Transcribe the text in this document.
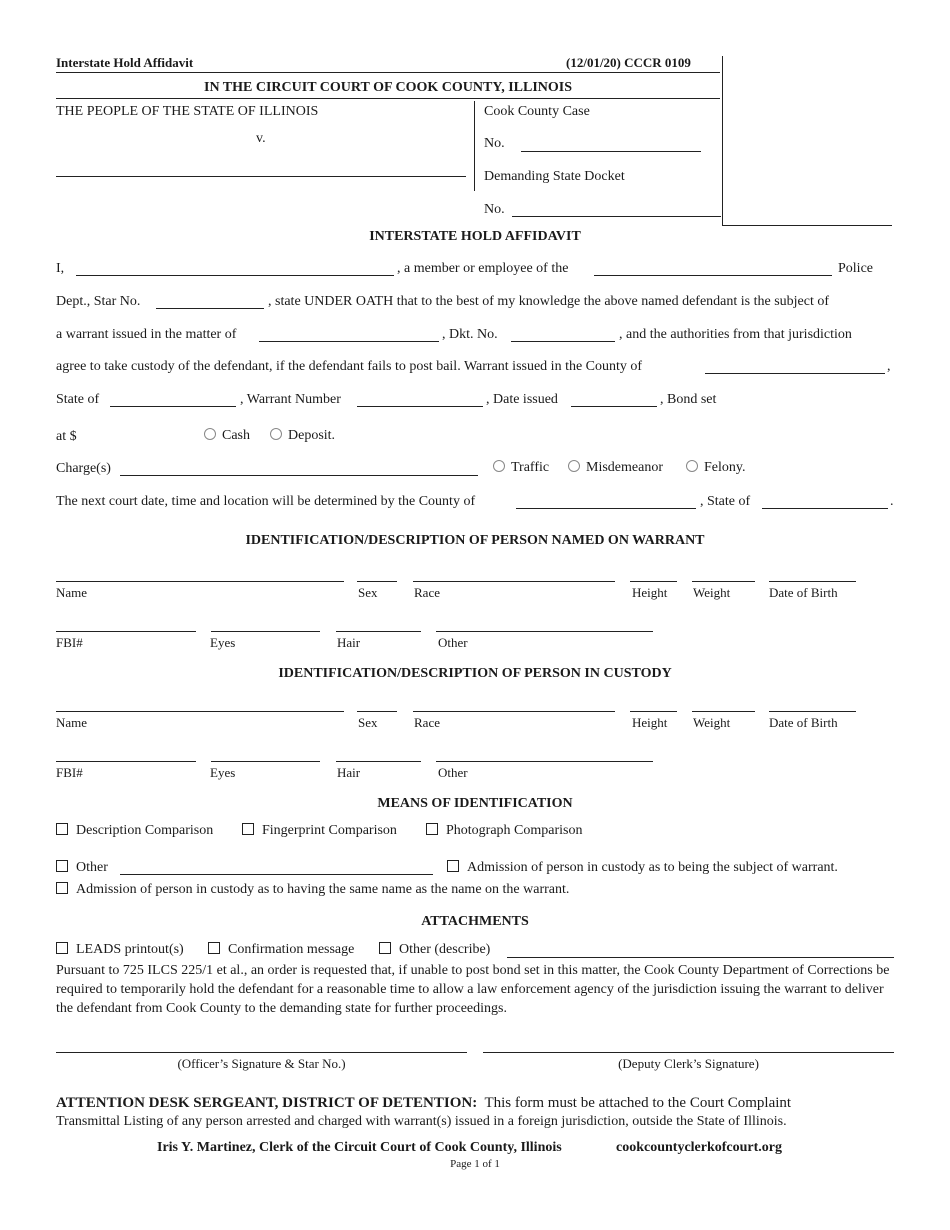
Interstate Hold Affidavit	(12/01/20) CCCR 0109
IN THE CIRCUIT COURT OF COOK COUNTY, ILLINOIS
THE PEOPLE OF THE STATE OF ILLINOIS
v.
Cook County Case
No.
Demanding State Docket
No.
INTERSTATE HOLD AFFIDAVIT
I,	, a member or employee of the	Police
Dept., Star No.	, state UNDER OATH that to the best of my knowledge the above named defendant is the subject of
a warrant issued in the matter of	, Dkt. No.	, and the authorities from that jurisdiction
agree to take custody of the defendant, if the defendant fails to post bail. Warrant issued in the County of	,
State of	, Warrant Number	, Date issued	, Bond set
at $	Cash	Deposit.
Charge(s)	Traffic	Misdemeanor	Felony.
The next court date, time and location will be determined by the County of	, State of	.
IDENTIFICATION/DESCRIPTION OF PERSON NAMED ON WARRANT
Name	Sex	Race	Height Weight	Date of Birth
FBI#	Eyes	Hair	Other
IDENTIFICATION/DESCRIPTION OF PERSON IN CUSTODY
Name	Sex	Race	Height Weight	Date of Birth
FBI#	Eyes	Hair	Other
MEANS OF IDENTIFICATION
Description Comparison	Fingerprint Comparison	Photograph Comparison
Other	Admission of person in custody as to being the subject of warrant.
Admission of person in custody as to having the same name as the name on the warrant.
ATTACHMENTS
LEADS printout(s)	Confirmation message	Other (describe)
Pursuant to 725 ILCS 225/1 et al., an order is requested that, if unable to post bond set in this matter, the Cook County Department of Corrections be required to temporarily hold the defendant for a reasonable time to allow a law enforcement agency of the jurisdiction issuing the warrant to deliver the defendant from Cook County to the demanding state for further proceedings.
(Officer’s Signature & Star No.)	(Deputy Clerk’s Signature)
ATTENTION DESK SERGEANT, DISTRICT OF DETENTION: This form must be attached to the Court Complaint
Transmittal Listing of any person arrested and charged with warrant(s) issued in a foreign jurisdiction, outside the State of Illinois.
Iris Y. Martinez, Clerk of the Circuit Court of Cook County, Illinois	cookcountyclerkofcourt.org
Page 1 of 1
